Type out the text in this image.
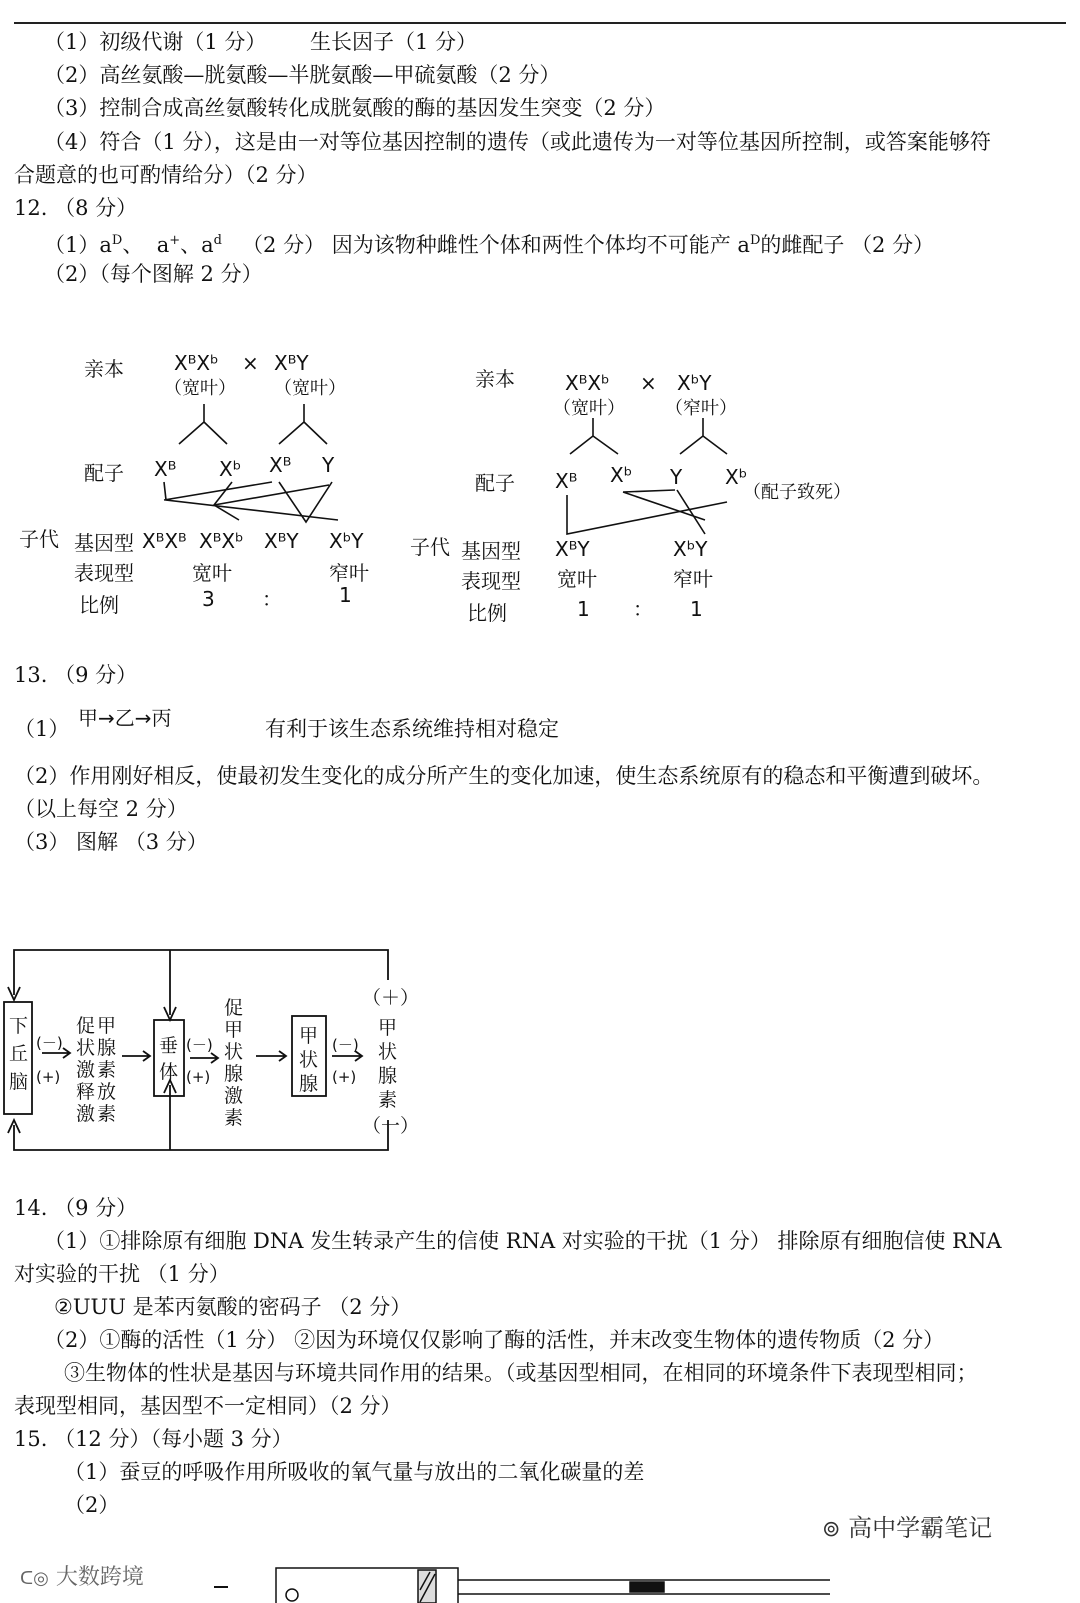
（1）初级代谢（1 分） 生长因子（1 分）
（2）高丝氨酸—胱氨酸—半胱氨酸—甲硫氨酸（2 分）
（3）控制合成高丝氨酸转化成胱氨酸的酶的基因发生突变（2 分）
（4）符合（1 分），这是由一对等位基因控制的遗传（或此遗传为一对等位基因所控制，或答案能够符
合题意的也可酌情给分）（2 分）
12. （8 分）
$(1)a^D$、 a+、$a^d$ （2 分） 因为该物种雌性个体和两性个体均不可能产 $a^D$的雌配子 （2 分）
（2）（每个图解 2 分）
亲本	XᴮXᵇ × XᴮY
（宽叶） （宽叶）
配子 Xᴮ Xᵇ Xᴮ Y
子代 基因型 XᴮXᴮ XᴮXᵇ XᴮY XᵇY
表现型	宽叶	窄叶
比例	3 ：	1
亲本	XᴮXᵇ × XᵇY
（宽叶） （窄叶）
配子 Xᴮ Xᵇ Y Xᵇ
（配子致死）
子代 基因型 XᴮY	XᵇY
表现型 宽叶	窄叶
比例	1 ： 1
13. （9 分）
（1） 甲→乙→丙	有利于该生态系统维持相对稳定
（2）作用刚好相反，使最初发生变化的成分所产生的变化加速，使生态系统原有的稳态和平衡遭到破坏。
（以上每空 2 分）
（3） 图解 （3 分）
下
丘
脑
(－)
(+)
促 甲
腺
素
状
激
释 放
激 素
垂
体
(－)
(+)
促
甲
状
腺
激
素
甲
状
腺
(－)
(+)
（＋）
甲
状
腺
素
（一）
14. （9 分）
（1）①排除原有细胞 DNA 发生转录产生的信使 RNA 对实验的干扰（1 分） 排除原有细胞信使 RNA
对实验的干扰 （1 分）
②UUU 是苯丙氨酸的密码子 （2 分）
（2）①酶的活性（1 分） ②因为环境仅仅影响了酶的活性，并末改变生物体的遗传物质（2 分）
③生物体的性状是基因与环境共同作用的结果。（或基因型相同，在相同的环境条件下表现型相同；
表现型相同，基因型不一定相同）（2 分）
15. （12 分）（每小题 3 分）
（1）蚕豆的呼吸作用所吸收的氧气量与放出的二氧化碳量的差
（2）
ᑕ◎ 大数跨境
⊚ 高中学霸笔记
